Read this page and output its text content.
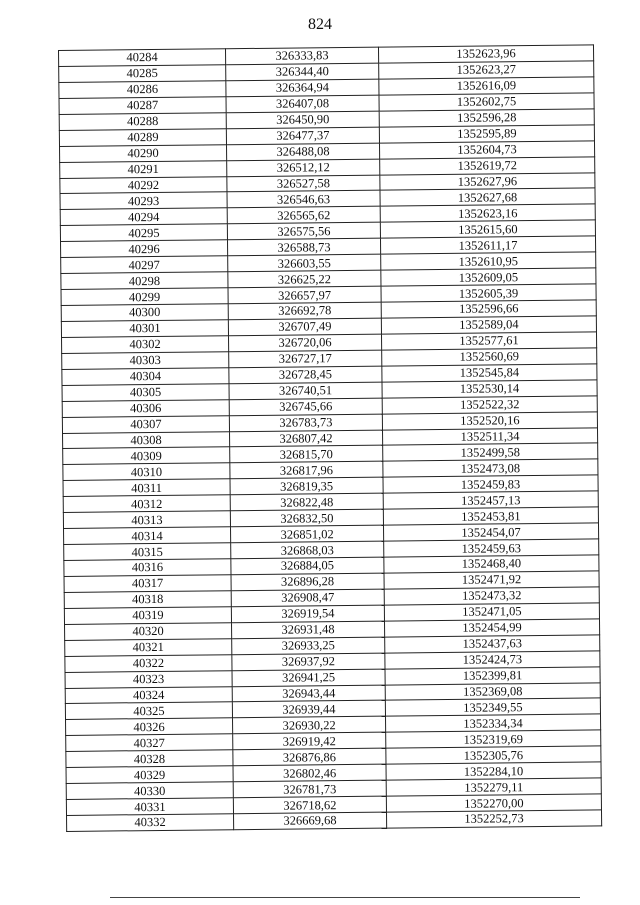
824
40284	326333,83	1352623,96
40285	326344,40	1352623,27
40286	326364,94	1352616,09
40287	326407,08	1352602,75
40288	326450,90	1352596,28
40289	326477,37	1352595,89
40290	326488,08	1352604,73
40291	326512,12	1352619,72
40292	326527,58	1352627,96
40293	326546,63	1352627,68
40294	326565,62	1352623,16
40295	326575,56	1352615,60
40296	326588,73	1352611,17
40297	326603,55	1352610,95
40298	326625,22	1352609,05
40299	326657,97	1352605,39
40300	326692,78	1352596,66
40301	326707,49	1352589,04
40302	326720,06	1352577,61
40303	326727,17	1352560,69
40304	326728,45	1352545,84
40305	326740,51	1352530,14
40306	326745,66	1352522,32
40307	326783,73	1352520,16
40308	326807,42	1352511,34
40309	326815,70	1352499,58
40310	326817,96	1352473,08
40311	326819,35	1352459,83
40312	326822,48	1352457,13
40313	326832,50	1352453,81
40314	326851,02	1352454,07
40315	326868,03	1352459,63
40316	326884,05	1352468,40
40317	326896,28	1352471,92
40318	326908,47	1352473,32
40319	326919,54	1352471,05
40320	326931,48	1352454,99
40321	326933,25	1352437,63
40322	326937,92	1352424,73
40323	326941,25	1352399,81
40324	326943,44	1352369,08
40325	326939,44	1352349,55
40326	326930,22	1352334,34
40327	326919,42	1352319,69
40328	326876,86	1352305,76
40329	326802,46	1352284,10
40330	326781,73	1352279,11
40331	326718,62	1352270,00
40332	326669,68	1352252,73
